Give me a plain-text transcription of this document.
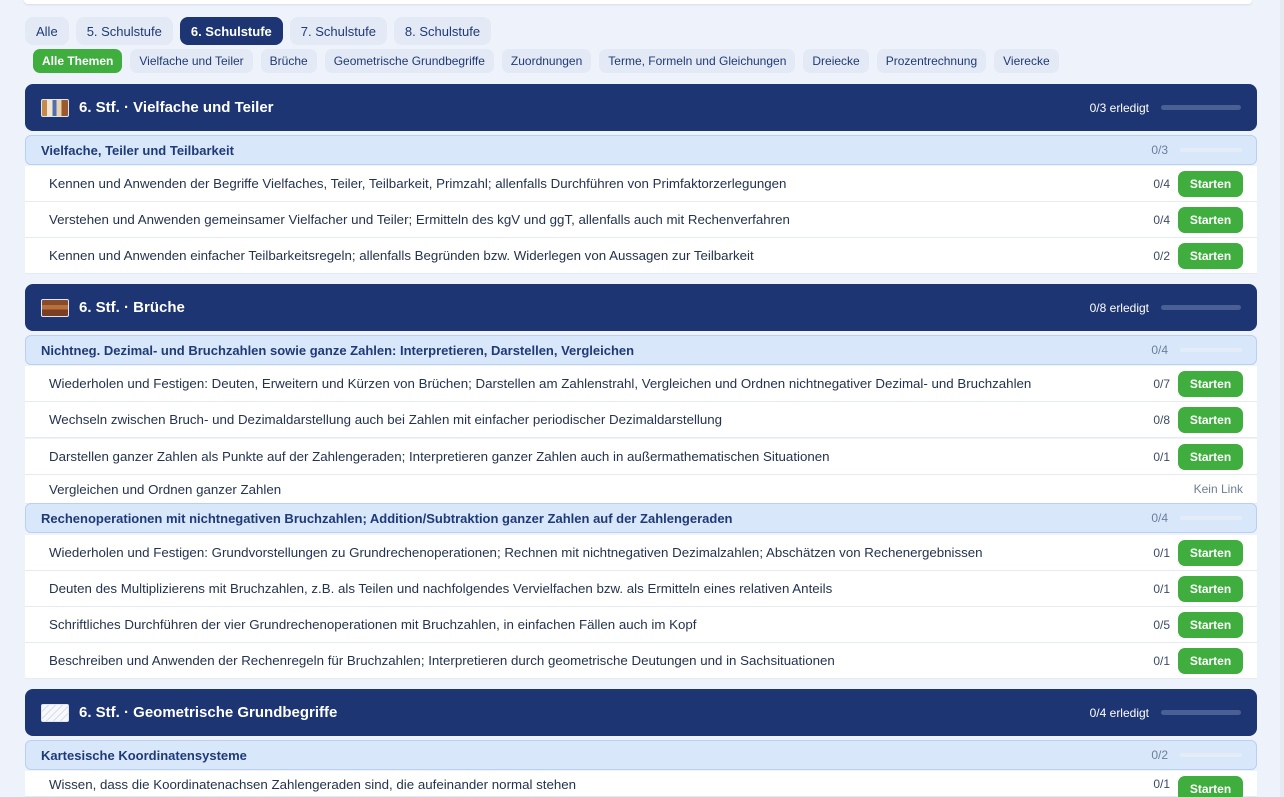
Alle	5. Schulstufe	6. Schulstufe	7. Schulstufe	8. Schulstufe
Alle Themen	Vielfache und Teiler	Brüche	Geometrische Grundbegriffe	Zuordnungen	Terme, Formeln und Gleichungen	Dreiecke	Prozentrechnung	Vierecke
6. Stf. · Vielfache und Teiler	0/3 erledigt
Vielfache, Teiler und Teilbarkeit	0/3
Kennen und Anwenden der Begriffe Vielfaches, Teiler, Teilbarkeit, Primzahl; allenfalls Durchführen von Primfaktorzerlegungen	0/4	Starten
Verstehen und Anwenden gemeinsamer Vielfacher und Teiler; Ermitteln des kgV und ggT, allenfalls auch mit Rechenverfahren	0/4	Starten
Kennen und Anwenden einfacher Teilbarkeitsregeln; allenfalls Begründen bzw. Widerlegen von Aussagen zur Teilbarkeit	0/2	Starten
6. Stf. · Brüche	0/8 erledigt
Nichtneg. Dezimal- und Bruchzahlen sowie ganze Zahlen: Interpretieren, Darstellen, Vergleichen	0/4
Wiederholen und Festigen: Deuten, Erweitern und Kürzen von Brüchen; Darstellen am Zahlenstrahl, Vergleichen und Ordnen nichtnegativer Dezimal- und Bruchzahlen	0/7	Starten
Wechseln zwischen Bruch- und Dezimaldarstellung auch bei Zahlen mit einfacher periodischer Dezimaldarstellung	0/8	Starten
Darstellen ganzer Zahlen als Punkte auf der Zahlengeraden; Interpretieren ganzer Zahlen auch in außermathematischen Situationen	0/1	Starten
Vergleichen und Ordnen ganzer Zahlen	Kein Link
Rechenoperationen mit nichtnegativen Bruchzahlen; Addition/Subtraktion ganzer Zahlen auf der Zahlengeraden	0/4
Wiederholen und Festigen: Grundvorstellungen zu Grundrechenoperationen; Rechnen mit nichtnegativen Dezimalzahlen; Abschätzen von Rechenergebnissen	0/1	Starten
Deuten des Multiplizierens mit Bruchzahlen, z.B. als Teilen und nachfolgendes Vervielfachen bzw. als Ermitteln eines relativen Anteils	0/1	Starten
Schriftliches Durchführen der vier Grundrechenoperationen mit Bruchzahlen, in einfachen Fällen auch im Kopf	0/5	Starten
Beschreiben und Anwenden der Rechenregeln für Bruchzahlen; Interpretieren durch geometrische Deutungen und in Sachsituationen	0/1	Starten
6. Stf. · Geometrische Grundbegriffe	0/4 erledigt
Kartesische Koordinatensysteme	0/2
Wissen, dass die Koordinatenachsen Zahlengeraden sind, die aufeinander normal stehen	0/1	Starten
